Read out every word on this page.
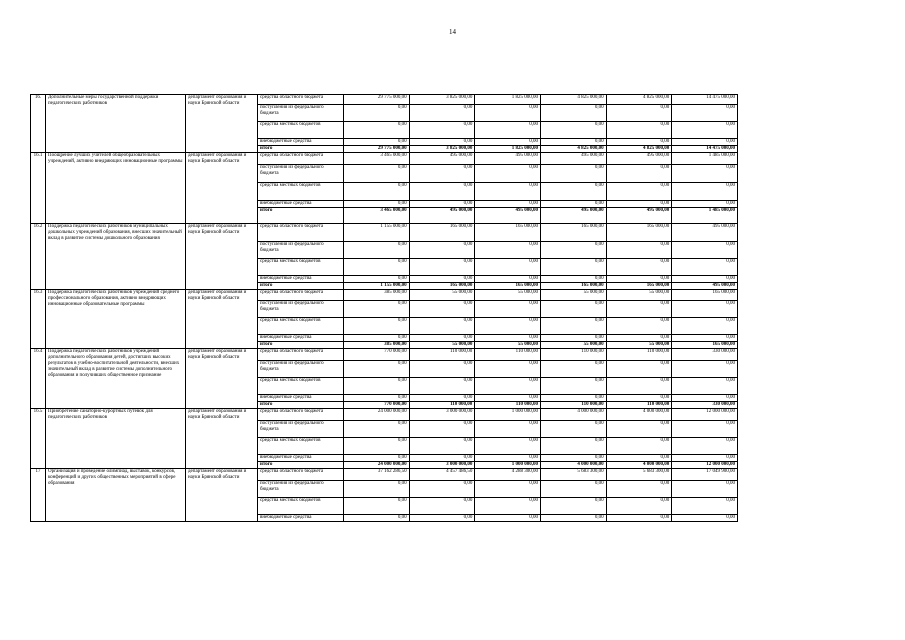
14
16.	Дополнительные меры государственной поддержки педагогических работников	департамент образования и науки Брянской области	средства областного бюджета	29 775 000,00	3 825 000,00	1 825 000,00	4 825 000,00	4 825 000,00	14 475 000,00
			поступления из федерального бюджета	0,00	0,00	0,00	0,00	0,00	0,00
			средства местных бюджетов	0,00	0,00	0,00	0,00	0,00	0,00
			внебюджетные средства	0,00	0,00	0,00	0,00	0,00	0,00
			итого	29 775 000,00	3 825 000,00	1 825 000,00	4 825 000,00	4 825 000,00	14 475 000,00
16.1	Поощрение лучших учителей общеобразовательных учреждений, активно внедряющих инновационные программы	департамент образования и науки Брянской области	средства областного бюджета	3 465 000,00	495 000,00	495 000,00	495 000,00	495 000,00	1 485 000,00
			поступления из федерального бюджета	0,00	0,00	0,00	0,00	0,00	0,00
			средства местных бюджетов	0,00	0,00	0,00	0,00	0,00	0,00
			внебюджетные средства	0,00	0,00	0,00	0,00	0,00	0,00
			итого	3 465 000,00	495 000,00	495 000,00	495 000,00	495 000,00	1 485 000,00
16.2	Поддержка педагогических работников муниципальных дошкольных учреждений образования, внесших значительный вклад в развитие системы дошкольного образования	департамент образования и науки Брянской области	средства областного бюджета	1 155 000,00	165 000,00	165 000,00	165 000,00	165 000,00	495 000,00
			поступления из федерального бюджета	0,00	0,00	0,00	0,00	0,00	0,00
			средства местных бюджетов	0,00	0,00	0,00	0,00	0,00	0,00
			внебюджетные средства	0,00	0,00	0,00	0,00	0,00	0,00
			итого	1 155 000,00	165 000,00	165 000,00	165 000,00	165 000,00	495 000,00
16.3	Поддержка педагогических работников учреждений среднего профессионального образования, активно внедряющих инновационные образовательные программы	департамент образования и науки Брянской области	средства областного бюджета	385 000,00	55 000,00	55 000,00	55 000,00	55 000,00	165 000,00
			поступления из федерального бюджета	0,00	0,00	0,00	0,00	0,00	0,00
			средства местных бюджетов	0,00	0,00	0,00	0,00	0,00	0,00
			внебюджетные средства	0,00	0,00	0,00	0,00	0,00	0,00
			итого	385 000,00	55 000,00	55 000,00	55 000,00	55 000,00	165 000,00
16.4	Поддержка педагогических работников учреждений дополнительного образования детей, достигших высоких результатов в учебно-воспитательной деятельности, внесших значительный вклад в развитие системы дополнительного образования и получивших общественное признание	департамент образования и науки Брянской области	средства областного бюджета	770 000,00	110 000,00	110 000,00	110 000,00	110 000,00	330 000,00
			поступления из федерального бюджета	0,00	0,00	0,00	0,00	0,00	0,00
			средства местных бюджетов	0,00	0,00	0,00	0,00	0,00	0,00
			внебюджетные средства	0,00	0,00	0,00	0,00	0,00	0,00
			итого	770 000,00	110 000,00	110 000,00	110 000,00	110 000,00	330 000,00
16.5	Приобретение санаторно-курортных путевок для педагогических работников	департамент образования и науки Брянской области	средства областного бюджета	24 000 000,00	3 000 000,00	1 000 000,00	4 000 000,00	4 000 000,00	12 000 000,00
			поступления из федерального бюджета	0,00	0,00	0,00	0,00	0,00	0,00
			средства местных бюджетов	0,00	0,00	0,00	0,00	0,00	0,00
			внебюджетные средства	0,00	0,00	0,00	0,00	0,00	0,00
			итого	24 000 000,00	3 000 000,00	1 000 000,00	4 000 000,00	4 000 000,00	12 000 000,00
17	Организация и проведение олимпиад, выставок, конкурсов, конференций и других общественных мероприятий в сфере образования	департамент образования и науки Брянской области	средства областного бюджета	37 162 286,50	4 457 486,50	4 288 300,00	5 683 300,00	5 683 300,00	17 049 900,00
			поступления из федерального бюджета	0,00	0,00	0,00	0,00	0,00	0,00
			средства местных бюджетов	0,00	0,00	0,00	0,00	0,00	0,00
			внебюджетные средства	0,00	0,00	0,00	0,00	0,00	0,00
